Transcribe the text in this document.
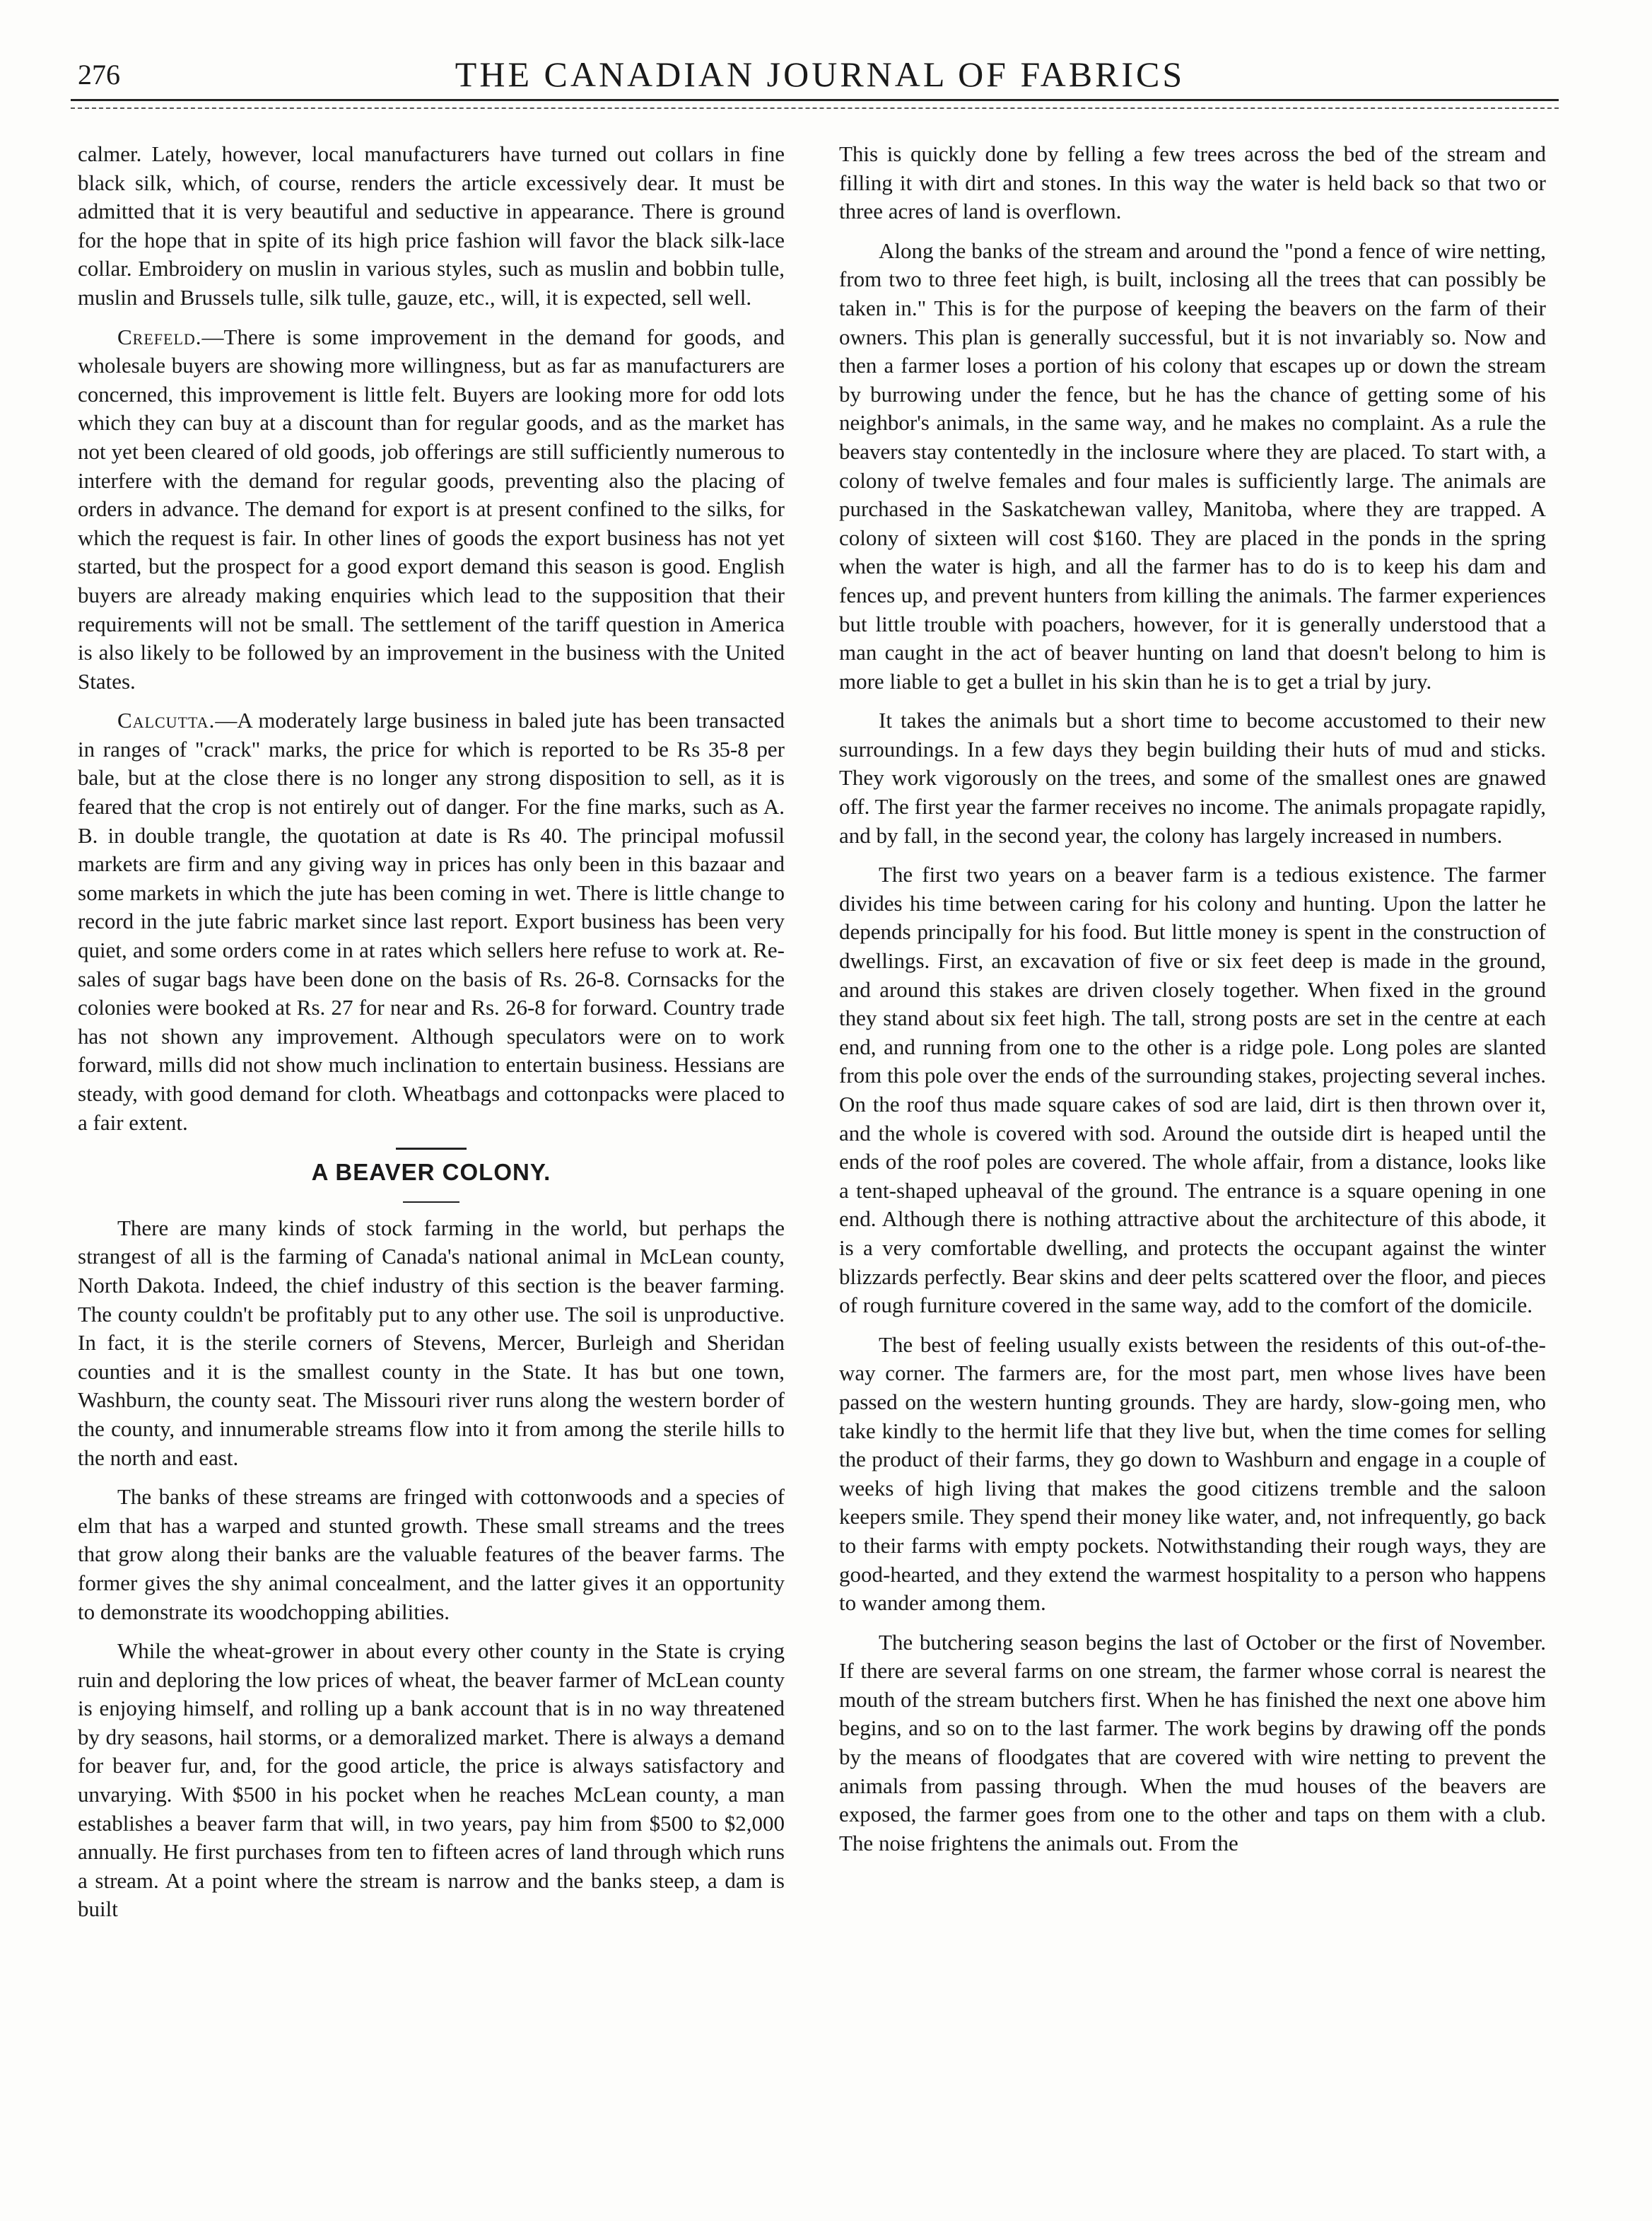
276	THE CANADIAN JOURNAL OF FABRICS

calmer. Lately, however, local manufacturers have turned out collars in fine black silk, which, of course, renders the article excessively dear. It must be admitted that it is very beautiful and seductive in appearance. There is ground for the hope that in spite of its high price fashion will favor the black silk-lace collar. Embroidery on muslin in various styles, such as muslin and bobbin tulle, muslin and Brussels tulle, silk tulle, gauze, etc., will, it is expected, sell well.

Crefeld.—There is some improvement in the demand for goods, and wholesale buyers are showing more willingness, but as far as manufacturers are concerned, this improvement is little felt. Buyers are looking more for odd lots which they can buy at a discount than for regular goods, and as the market has not yet been cleared of old goods, job offerings are still sufficiently numerous to interfere with the demand for regular goods, preventing also the placing of orders in advance. The demand for export is at present confined to the silks, for which the request is fair. In other lines of goods the export business has not yet started, but the prospect for a good export demand this season is good. English buyers are already making enquiries which lead to the supposition that their requirements will not be small. The settlement of the tariff question in America is also likely to be followed by an improvement in the business with the United States.

Calcutta.—A moderately large business in baled jute has been transacted in ranges of "crack" marks, the price for which is reported to be Rs 35-8 per bale, but at the close there is no longer any strong disposition to sell, as it is feared that the crop is not entirely out of danger. For the fine marks, such as A. B. in double trangle, the quotation at date is Rs 40. The principal mofussil markets are firm and any giving way in prices has only been in this bazaar and some markets in which the jute has been coming in wet. There is little change to record in the jute fabric market since last report. Export business has been very quiet, and some orders come in at rates which sellers here refuse to work at. Re-sales of sugar bags have been done on the basis of Rs. 26-8. Cornsacks for the colonies were booked at Rs. 27 for near and Rs. 26-8 for forward. Country trade has not shown any improvement. Although speculators were on to work forward, mills did not show much inclination to entertain business. Hessians are steady, with good demand for cloth. Wheatbags and cottonpacks were placed to a fair extent.

A BEAVER COLONY.

There are many kinds of stock farming in the world, but perhaps the strangest of all is the farming of Canada's national animal in McLean county, North Dakota. Indeed, the chief industry of this section is the beaver farming. The county couldn't be profitably put to any other use. The soil is unproductive. In fact, it is the sterile corners of Stevens, Mercer, Burleigh and Sheridan counties and it is the smallest county in the State. It has but one town, Washburn, the county seat. The Missouri river runs along the western border of the county, and innumerable streams flow into it from among the sterile hills to the north and east.

The banks of these streams are fringed with cottonwoods and a species of elm that has a warped and stunted growth. These small streams and the trees that grow along their banks are the valuable features of the beaver farms. The former gives the shy animal concealment, and the latter gives it an opportunity to demonstrate its woodchopping abilities.

While the wheat-grower in about every other county in the State is crying ruin and deploring the low prices of wheat, the beaver farmer of McLean county is enjoying himself, and rolling up a bank account that is in no way threatened by dry seasons, hail storms, or a demoralized market. There is always a demand for beaver fur, and, for the good article, the price is always satisfactory and unvarying. With $500 in his pocket when he reaches McLean county, a man establishes a beaver farm that will, in two years, pay him from $500 to $2,000 annually. He first purchases from ten to fifteen acres of land through which runs a stream. At a point where the stream is narrow and the banks steep, a dam is built

This is quickly done by felling a few trees across the bed of the stream and filling it with dirt and stones. In this way the water is held back so that two or three acres of land is overflown.

Along the banks of the stream and around the "pond a fence of wire netting, from two to three feet high, is built, inclosing all the trees that can possibly be taken in." This is for the purpose of keeping the beavers on the farm of their owners. This plan is generally successful, but it is not invariably so. Now and then a farmer loses a portion of his colony that escapes up or down the stream by burrowing under the fence, but he has the chance of getting some of his neighbor's animals, in the same way, and he makes no complaint. As a rule the beavers stay contentedly in the inclosure where they are placed. To start with, a colony of twelve females and four males is sufficiently large. The animals are purchased in the Saskatchewan valley, Manitoba, where they are trapped. A colony of sixteen will cost $160. They are placed in the ponds in the spring when the water is high, and all the farmer has to do is to keep his dam and fences up, and prevent hunters from killing the animals. The farmer experiences but little trouble with poachers, however, for it is generally understood that a man caught in the act of beaver hunting on land that doesn't belong to him is more liable to get a bullet in his skin than he is to get a trial by jury.

It takes the animals but a short time to become accustomed to their new surroundings. In a few days they begin building their huts of mud and sticks. They work vigorously on the trees, and some of the smallest ones are gnawed off. The first year the farmer receives no income. The animals propagate rapidly, and by fall, in the second year, the colony has largely increased in numbers.

The first two years on a beaver farm is a tedious existence. The farmer divides his time between caring for his colony and hunting. Upon the latter he depends principally for his food. But little money is spent in the construction of dwellings. First, an excavation of five or six feet deep is made in the ground, and around this stakes are driven closely together. When fixed in the ground they stand about six feet high. The tall, strong posts are set in the centre at each end, and running from one to the other is a ridge pole. Long poles are slanted from this pole over the ends of the surrounding stakes, projecting several inches. On the roof thus made square cakes of sod are laid, dirt is then thrown over it, and the whole is covered with sod. Around the outside dirt is heaped until the ends of the roof poles are covered. The whole affair, from a distance, looks like a tent-shaped upheaval of the ground. The entrance is a square opening in one end. Although there is nothing attractive about the architecture of this abode, it is a very comfortable dwelling, and protects the occupant against the winter blizzards perfectly. Bear skins and deer pelts scattered over the floor, and pieces of rough furniture covered in the same way, add to the comfort of the domicile.

The best of feeling usually exists between the residents of this out-of-the-way corner. The farmers are, for the most part, men whose lives have been passed on the western hunting grounds. They are hardy, slow-going men, who take kindly to the hermit life that they live but, when the time comes for selling the product of their farms, they go down to Washburn and engage in a couple of weeks of high living that makes the good citizens tremble and the saloon keepers smile. They spend their money like water, and, not infrequently, go back to their farms with empty pockets. Notwithstanding their rough ways, they are good-hearted, and they extend the warmest hospitality to a person who happens to wander among them.

The butchering season begins the last of October or the first of November. If there are several farms on one stream, the farmer whose corral is nearest the mouth of the stream butchers first. When he has finished the next one above him begins, and so on to the last farmer. The work begins by drawing off the ponds by the means of floodgates that are covered with wire netting to prevent the animals from passing through. When the mud houses of the beavers are exposed, the farmer goes from one to the other and taps on them with a club. The noise frightens the animals out. From the
